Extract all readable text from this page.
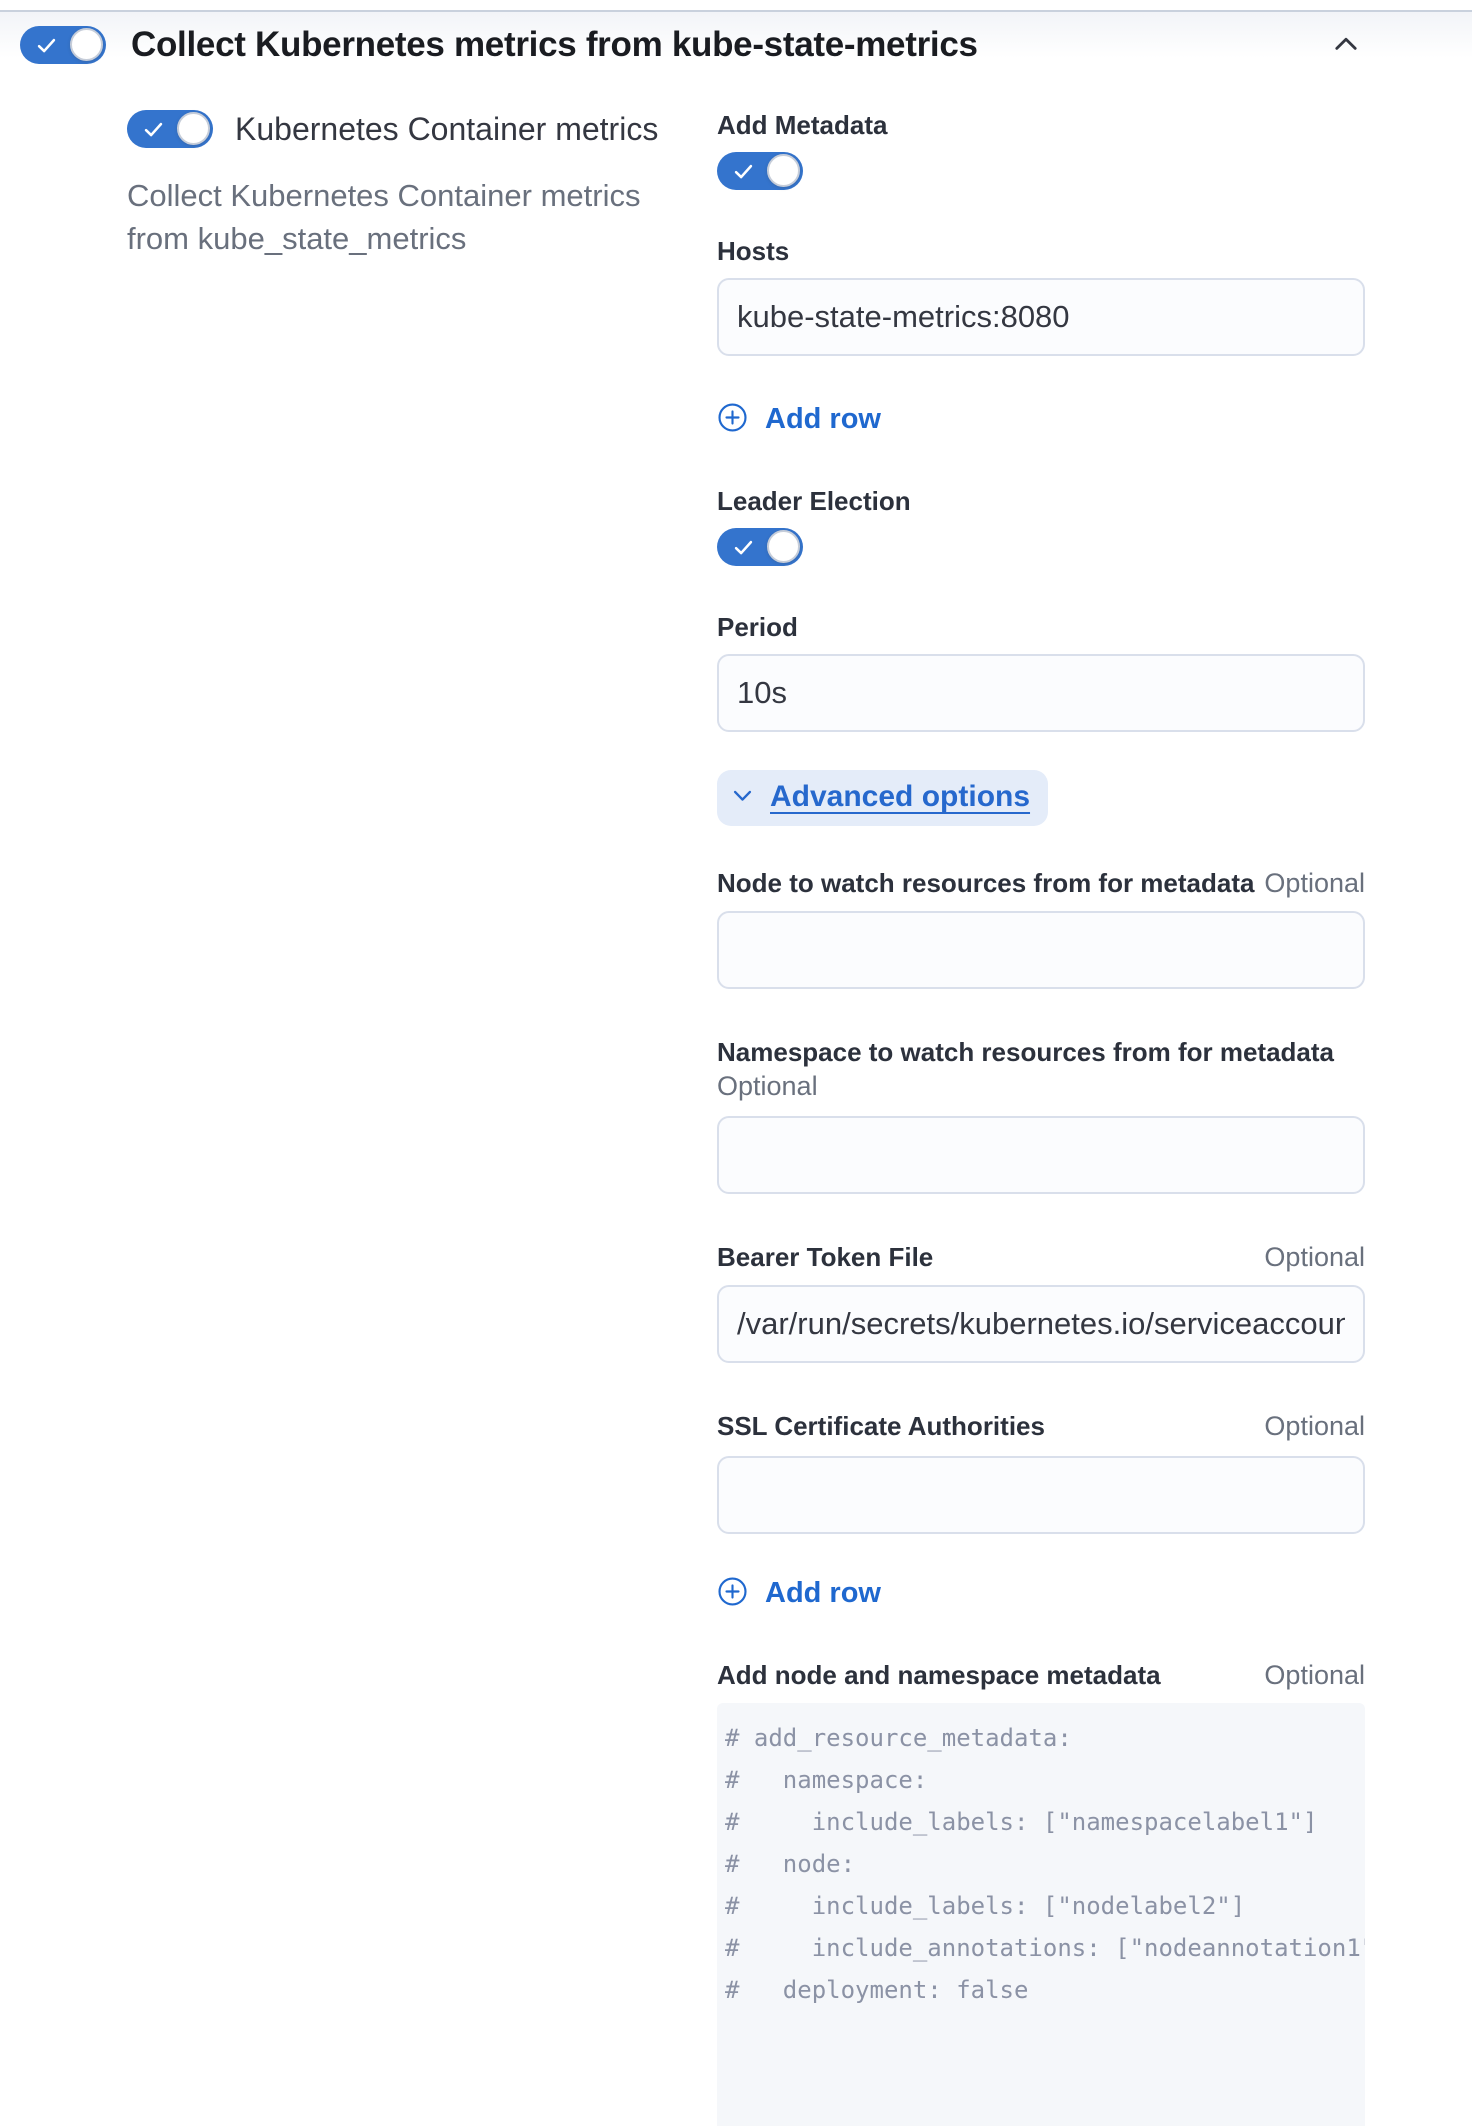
Collect Kubernetes metrics from kube-state-metrics
Kubernetes Container metrics

Collect Kubernetes Container metrics from kube_state_metrics

Add Metadata
Hosts
kube-state-metrics:8080
Add row
Leader Election
Period
10s
Advanced options
Node to watch resources from for metadata Optional
Namespace to watch resources from for metadata
Optional
Bearer Token File	Optional
/var/run/secrets/kubernetes.io/serviceaccoun
SSL Certificate Authorities	Optional
Add row
Add node and namespace metadata	Optional
# add_resource_metadata: # namespace: # include_labels: ["namespacelabel1"] # node: # include_labels: ["nodelabel2"] # include_annotations: ["nodeannotation1" # deployment: false
